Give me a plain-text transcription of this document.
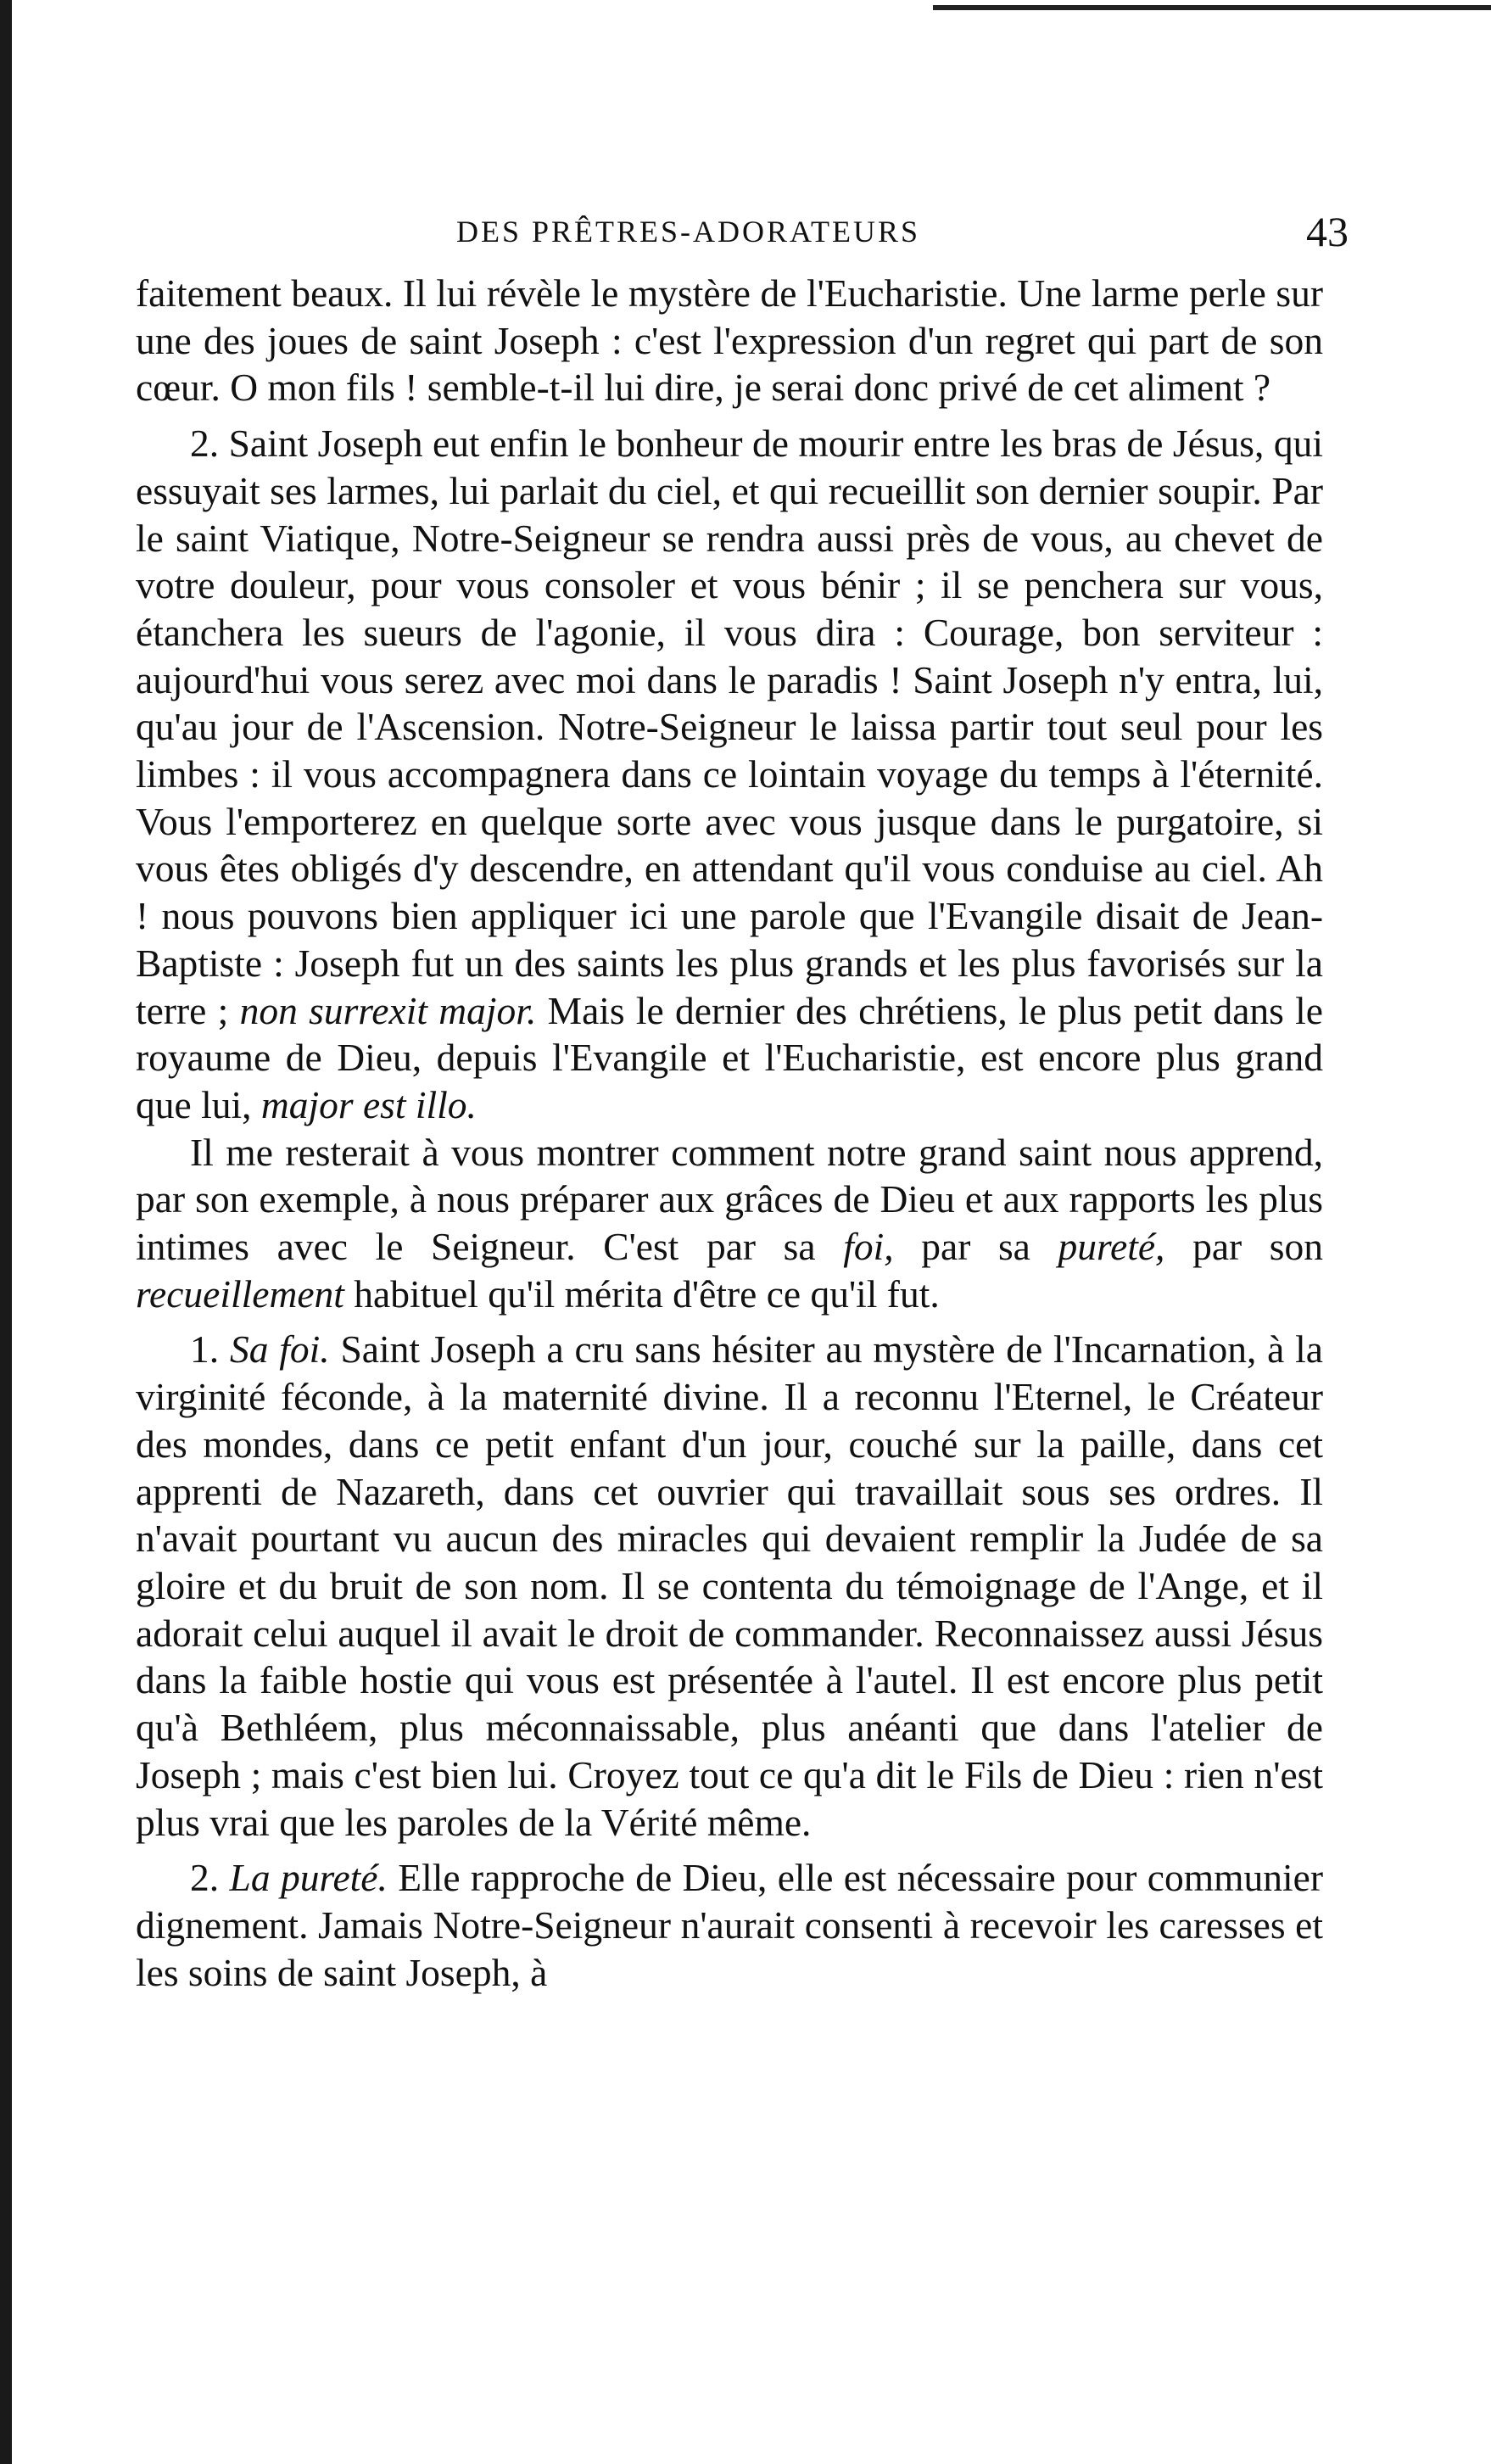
DES PRÊTRES-ADORATEURS	43

faitement beaux. Il lui révèle le mystère de l'Eucharistie. Une larme perle sur une des joues de saint Joseph : c'est l'expression d'un regret qui part de son cœur. O mon fils ! semble-t-il lui dire, je serai donc privé de cet aliment ?

2. Saint Joseph eut enfin le bonheur de mourir entre les bras de Jésus, qui essuyait ses larmes, lui parlait du ciel, et qui recueillit son dernier soupir. Par le saint Viatique, Notre-Seigneur se rendra aussi près de vous, au chevet de votre douleur, pour vous consoler et vous bénir ; il se penchera sur vous, étanchera les sueurs de l'agonie, il vous dira : Courage, bon serviteur : aujourd'hui vous serez avec moi dans le paradis ! Saint Joseph n'y entra, lui, qu'au jour de l'Ascension. Notre-Seigneur le laissa partir tout seul pour les limbes : il vous accompagnera dans ce lointain voyage du temps à l'éternité. Vous l'emporterez en quelque sorte avec vous jusque dans le purgatoire, si vous êtes obligés d'y descendre, en attendant qu'il vous conduise au ciel. Ah ! nous pouvons bien appliquer ici une parole que l'Evangile disait de Jean-Baptiste : Joseph fut un des saints les plus grands et les plus favorisés sur la terre ; non surrexit major. Mais le dernier des chrétiens, le plus petit dans le royaume de Dieu, depuis l'Evangile et l'Eucharistie, est encore plus grand que lui, major est illo.

Il me resterait à vous montrer comment notre grand saint nous apprend, par son exemple, à nous préparer aux grâces de Dieu et aux rapports les plus intimes avec le Seigneur. C'est par sa foi, par sa pureté, par son recueillement habituel qu'il mérita d'être ce qu'il fut.

1. Sa foi. Saint Joseph a cru sans hésiter au mystère de l'Incarnation, à la virginité féconde, à la maternité divine. Il a reconnu l'Eternel, le Créateur des mondes, dans ce petit enfant d'un jour, couché sur la paille, dans cet apprenti de Nazareth, dans cet ouvrier qui travaillait sous ses ordres. Il n'avait pourtant vu aucun des miracles qui devaient remplir la Judée de sa gloire et du bruit de son nom. Il se contenta du témoignage de l'Ange, et il adorait celui auquel il avait le droit de commander. Reconnaissez aussi Jésus dans la faible hostie qui vous est présentée à l'autel. Il est encore plus petit qu'à Bethléem, plus méconnaissable, plus anéanti que dans l'atelier de Joseph ; mais c'est bien lui. Croyez tout ce qu'a dit le Fils de Dieu : rien n'est plus vrai que les paroles de la Vérité même.

2. La pureté. Elle rapproche de Dieu, elle est nécessaire pour communier dignement. Jamais Notre-Seigneur n'aurait consenti à recevoir les caresses et les soins de saint Joseph, à
